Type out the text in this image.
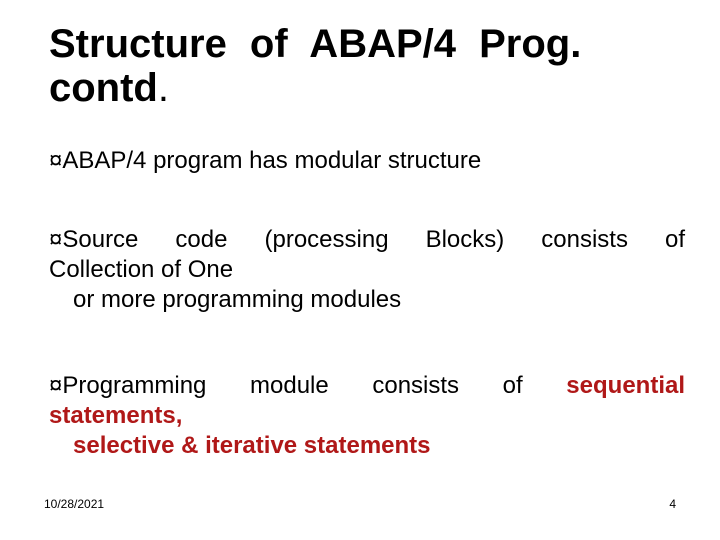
Structure of ABAP/4 Prog.
contd.
¤ABAP/4 program has modular structure
¤Source code (processing Blocks) consists of
Collection of One
or more programming modules
¤Programming module consists of sequential
statements,
selective & iterative statements
10/28/2021	4
